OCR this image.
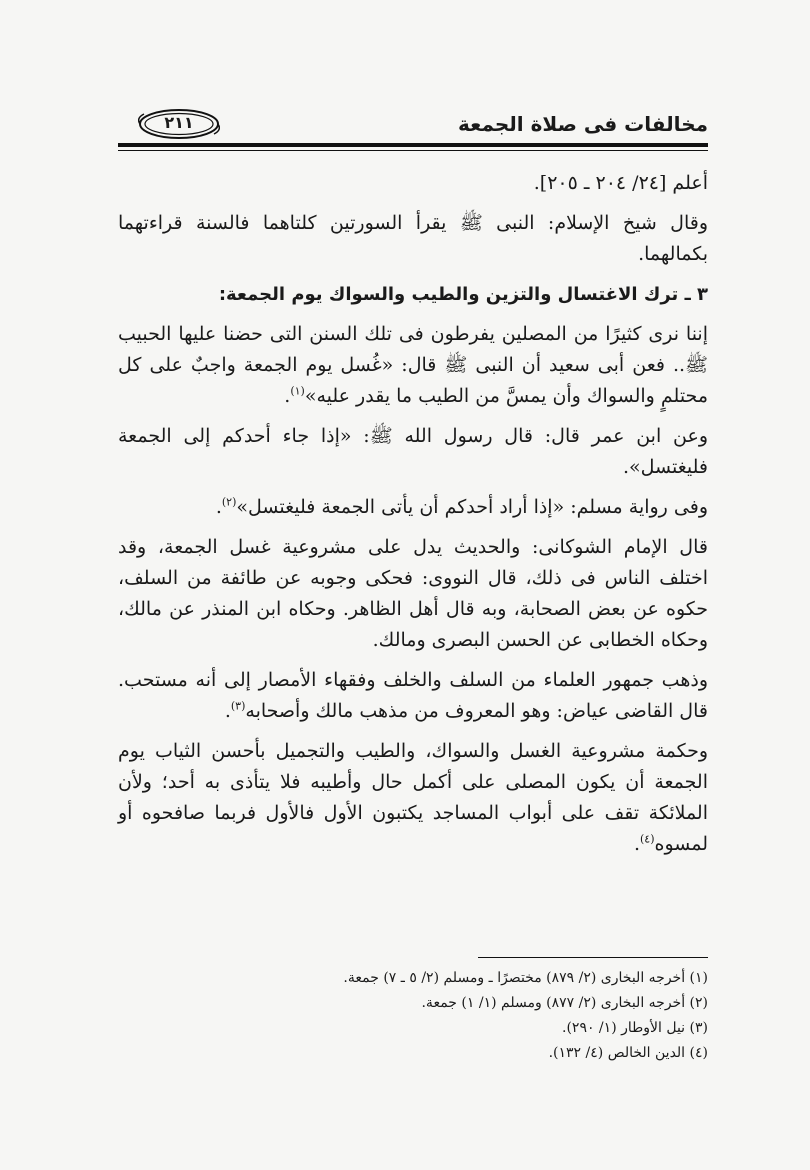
مخالفات فى صلاة الجمعة
٢١١

أعلم [٢٤/ ٢٠٤ ـ ٢٠٥].

وقال شيخ الإسلام: النبى ﷺ يقرأ السورتين كلتاهما فالسنة قراءتهما بكمالهما.

٣ ـ ترك الاغتسال والتزين والطيب والسواك يوم الجمعة:

إننا نرى كثيرًا من المصلين يفرطون فى تلك السنن التى حضنا عليها الحبيب ﷺ.. فعن أبى سعيد أن النبى ﷺ قال: «غُسل يوم الجمعة واجبٌ على كل محتلمٍ والسواك وأن يمسَّ من الطيب ما يقدر عليه»$^{(١)}$.

وعن ابن عمر قال: قال رسول الله ﷺ: «إذا جاء أحدكم إلى الجمعة فليغتسل».

وفى رواية مسلم: «إذا أراد أحدكم أن يأتى الجمعة فليغتسل»$^{(٢)}$.

قال الإمام الشوكانى: والحديث يدل على مشروعية غسل الجمعة، وقد اختلف الناس فى ذلك، قال النووى: فحكى وجوبه عن طائفة من السلف، حكوه عن بعض الصحابة، وبه قال أهل الظاهر. وحكاه ابن المنذر عن مالك، وحكاه الخطابى عن الحسن البصرى ومالك.

وذهب جمهور العلماء من السلف والخلف وفقهاء الأمصار إلى أنه مستحب. قال القاضى عياض: وهو المعروف من مذهب مالك وأصحابه$^{(٣)}$.

وحكمة مشروعية الغسل والسواك، والطيب والتجميل بأحسن الثياب يوم الجمعة أن يكون المصلى على أكمل حال وأطيبه فلا يتأذى به أحد؛ ولأن الملائكة تقف على أبواب المساجد يكتبون الأول فالأول فربما صافحوه أو لمسوه$^{(٤)}$.

(١) أخرجه البخارى (٢/ ٨٧٩) مختصرًا ـ ومسلم (٢/ ٥ ـ ٧) جمعة.

(٢) أخرجه البخارى (٢/ ٨٧٧) ومسلم (١/ ١) جمعة.

(٣) نيل الأوطار (١/ ٢٩٠).

(٤) الدين الخالص (٤/ ١٣٢).
